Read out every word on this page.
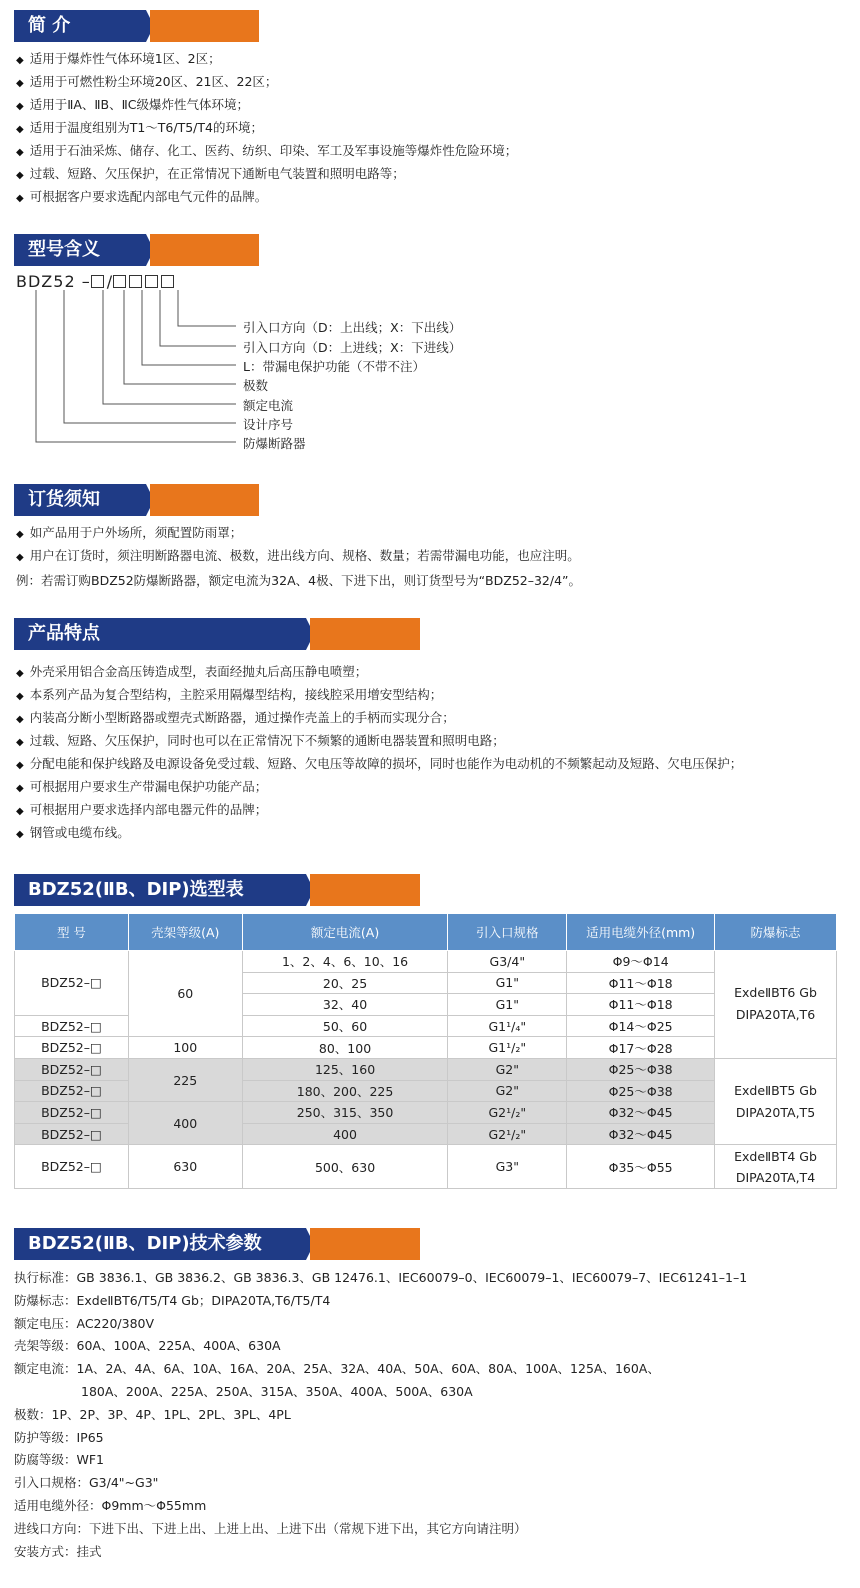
简 介
◆ 适用于爆炸性气体环境1区、2区；
◆ 适用于可燃性粉尘环境20区、21区、22区；
◆ 适用于ⅡA、ⅡB、ⅡC级爆炸性气体环境；
◆ 适用于温度组别为T1～T6/T5/T4的环境；
◆ 适用于石油采炼、储存、化工、医药、纺织、印染、军工及军事设施等爆炸性危险环境；
◆ 过载、短路、欠压保护，在正常情况下通断电气装置和照明电路等；
◆ 可根据客户要求选配内部电气元件的品牌。
型号含义
BDZ52 – /
引入口方向（D：上出线；X：下出线）
引入口方向（D：上进线；X：下进线）
L：带漏电保护功能（不带不注）
极数
额定电流
设计序号
防爆断路器
订货须知
◆ 如产品用于户外场所，须配置防雨罩；
◆ 用户在订货时，须注明断路器电流、极数，进出线方向、规格、数量；若需带漏电功能，也应注明。
例：若需订购BDZ52防爆断路器，额定电流为32A、4极、下进下出，则订货型号为“BDZ52–32/4”。
产品特点
◆ 外壳采用铝合金高压铸造成型，表面经抛丸后高压静电喷塑；
◆ 本系列产品为复合型结构，主腔采用隔爆型结构，接线腔采用增安型结构；
◆ 内装高分断小型断路器或塑壳式断路器，通过操作壳盖上的手柄而实现分合；
◆ 过载、短路、欠压保护，同时也可以在正常情况下不频繁的通断电器装置和照明电路；
◆ 分配电能和保护线路及电源设备免受过载、短路、欠电压等故障的损坏，同时也能作为电动机的不频繁起动及短路、欠电压保护；
◆ 可根据用户要求生产带漏电保护功能产品；
◆ 可根据用户要求选择内部电器元件的品牌；
◆ 钢管或电缆布线。
BDZ52(ⅡB、DIP)选型表
型 号	壳架等级(A)	额定电流(A)	引入口规格	适用电缆外径(mm)	防爆标志
BDZ52–□	60	1、2、4、6、10、16	G3/4"	Φ9～Φ14	ExdeⅡBT6 Gb
DIPA20TA,T6

		20、25	G1"	Φ11～Φ18	
		32、40	G1"	Φ11～Φ18	
BDZ52–□		50、60	G1¹/₄"	Φ14～Φ25	
BDZ52–□	100	80、100	G1¹/₂"	Φ17～Φ28	
BDZ52–□	225	125、160	G2"	Φ25～Φ38	ExdeⅡBT5 Gb
DIPA20TA,T5

BDZ52–□		180、200、225	G2"	Φ25～Φ38	
BDZ52–□	400	250、315、350	G2¹/₂"	Φ32～Φ45	
BDZ52–□		400	G2¹/₂"	Φ32～Φ45	
BDZ52–□	630	500、630	G3"	Φ35～Φ55	ExdeⅡBT4 Gb
DIPA20TA,T4
BDZ52(ⅡB、DIP)技术参数
执行标准：GB 3836.1、GB 3836.2、GB 3836.3、GB 12476.1、IEC60079–0、IEC60079–1、IEC60079–7、IEC61241–1–1
防爆标志：ExdeⅡBT6/T5/T4 Gb；DIPA20TA,T6/T5/T4
额定电压：AC220/380V
壳架等级：60A、100A、225A、400A、630A
额定电流：1A、2A、4A、6A、10A、16A、20A、25A、32A、40A、50A、60A、80A、100A、125A、160A、
180A、200A、225A、250A、315A、350A、400A、500A、630A
极数：1P、2P、3P、4P、1PL、2PL、3PL、4PL
防护等级：IP65
防腐等级：WF1
引入口规格：G3/4"~G3"
适用电缆外径：Φ9mm～Φ55mm
进线口方向：下进下出、下进上出、上进上出、上进下出（常规下进下出，其它方向请注明）
安装方式：挂式
